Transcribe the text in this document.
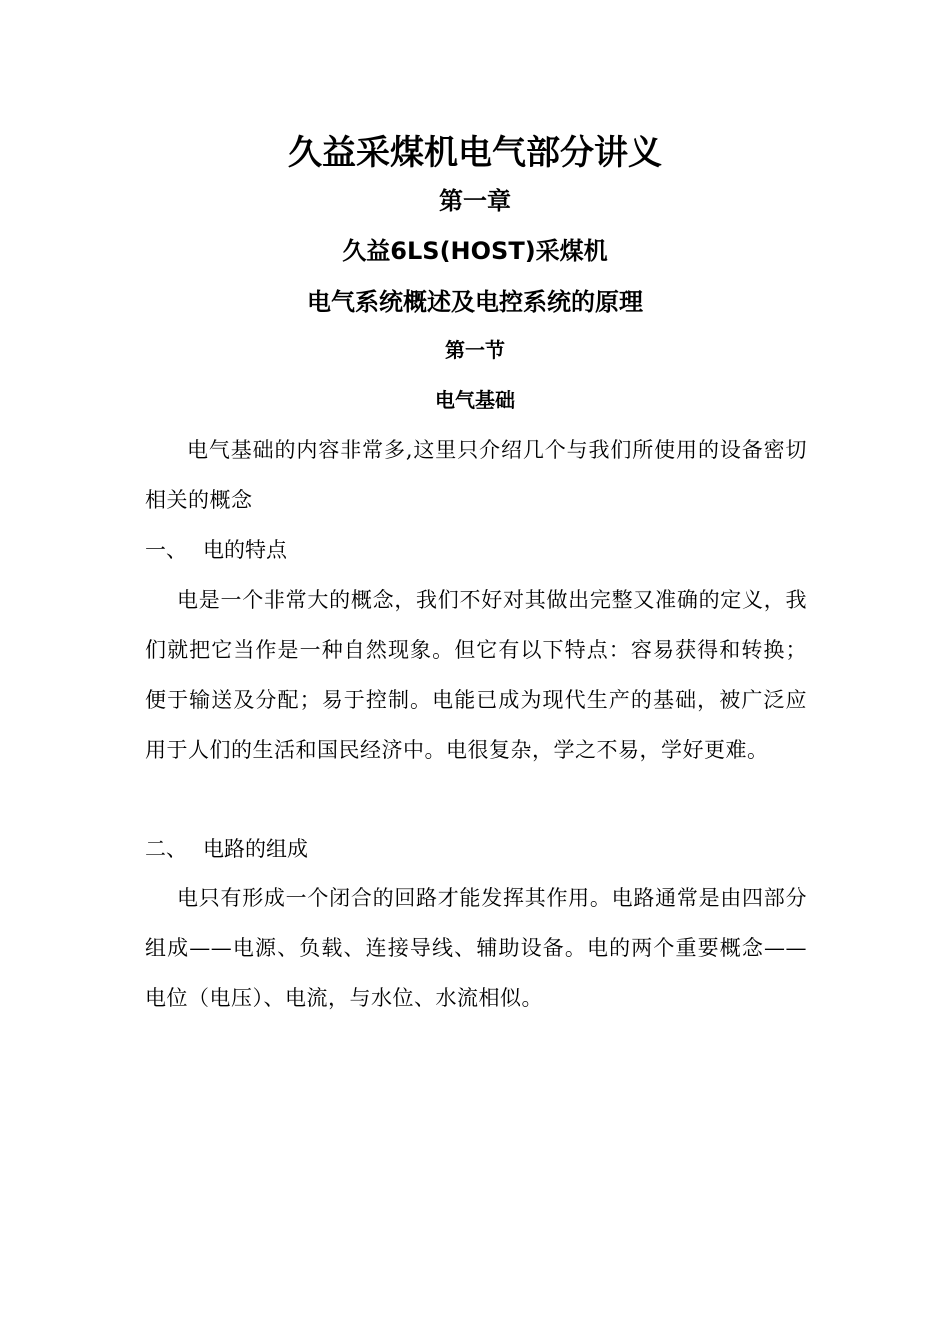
久益采煤机电气部分讲义
第一章
久益6LS(HOST)采煤机
电气系统概述及电控系统的原理
第一节
电气基础

电气基础的内容非常多,这里只介绍几个与我们所使用的设备密切相关的概念

一、 电的特点

电是一个非常大的概念，我们不好对其做出完整又准确的定义，我们就把它当作是一种自然现象。但它有以下特点：容易获得和转换；便于输送及分配；易于控制。电能已成为现代生产的基础，被广泛应用于人们的生活和国民经济中。电很复杂，学之不易，学好更难。

二、 电路的组成

电只有形成一个闭合的回路才能发挥其作用。电路通常是由四部分组成——电源、负载、连接导线、辅助设备。电的两个重要概念——电位（电压）、电流，与水位、水流相似。
